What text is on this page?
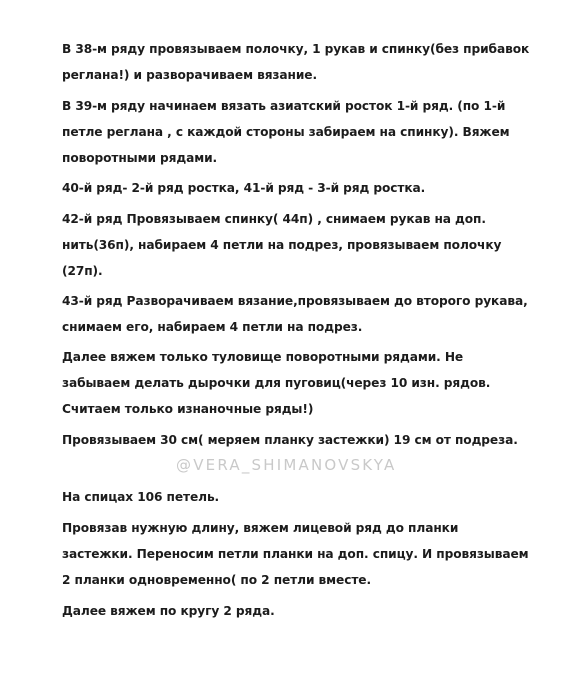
В 38-м ряду провязываем полочку, 1 рукав и спинку(без прибавок реглана!) и разворачиваем вязание.

В 39-м ряду начинаем вязать азиатский росток 1-й ряд. (по 1-й петле реглана , с каждой стороны забираем на спинку). Вяжем поворотными рядами.

40-й ряд- 2-й ряд ростка, 41-й ряд - 3-й ряд ростка.

42-й ряд Провязываем спинку( 44п) , снимаем рукав на доп. нить(36п), набираем 4 петли на подрез, провязываем полочку (27п).

43-й ряд Разворачиваем вязание,провязываем до второго рукава, снимаем его, набираем 4 петли на подрез.

Далее вяжем только туловище поворотными рядами. Не забываем делать дырочки для пуговиц(через 10 изн. рядов. Считаем только изнаночные ряды!)

Провязываем 30 см( меряем планку застежки) 19 см от подреза.

На спицах 106 петель.

Провязав нужную длину, вяжем лицевой ряд до планки застежки. Переносим петли планки на доп. спицу. И провязываем 2 планки одновременно( по 2 петли вместе.

Далее вяжем по кругу 2 ряда.

@VERA_SHIMANOVSKYA
